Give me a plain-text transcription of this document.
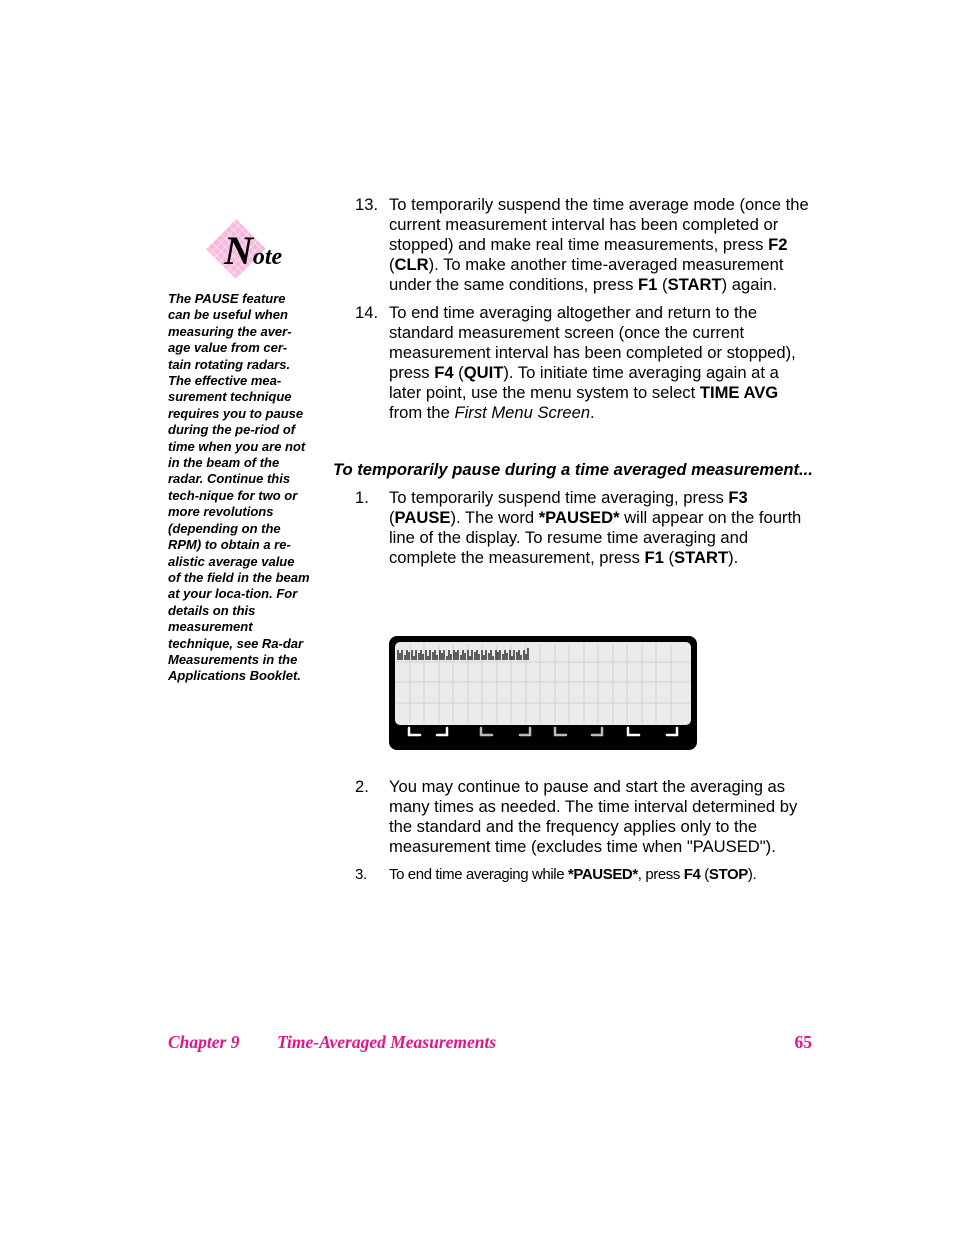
Note
The PAUSE feature can be useful when measuring the aver-age value from cer-tain rotating radars. The effective mea-surement technique requires you to pause during the pe-riod of time when you are not in the beam of the radar. Continue this tech-nique for two or more revolutions (depending on the RPM) to obtain a re-alistic average value of the field in the beam at your loca-tion. For details on this measurement technique, see Ra-dar Measurements in the Applications Booklet.
13. To temporarily suspend the time average mode (once the current measurement interval has been completed or stopped) and make real time measurements, press F2 (CLR). To make another time-averaged measurement under the same conditions, press F1 (START) again.
14. To end time averaging altogether and return to the standard measurement screen (once the current measurement interval has been completed or stopped), press F4 (QUIT). To initiate time averaging again at a later point, use the menu system to select TIME AVG from the First Menu Screen.
To temporarily pause during a time averaged measurement...
1. To temporarily suspend time averaging, press F3 (PAUSE). The word *PAUSED* will appear on the fourth line of the display. To resume time averaging and complete the measurement, press F1 (START).
2. You may continue to pause and start the averaging as many times as needed. The time interval determined by the standard and the frequency applies only to the measurement time (excludes time when "PAUSED").
3. To end time averaging while *PAUSED*, press F4 (STOP).
Chapter 9 Time-Averaged Measurements	65
